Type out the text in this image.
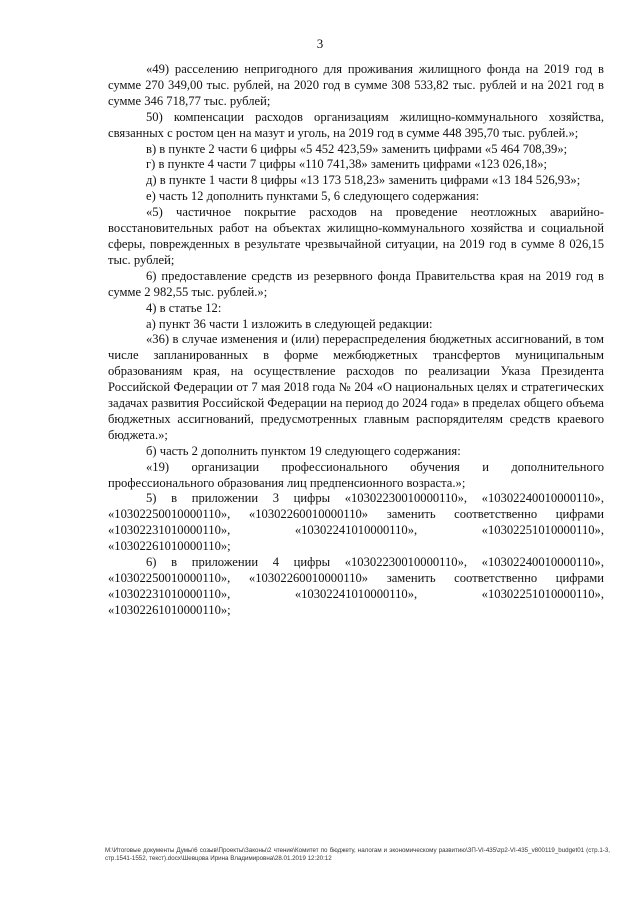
3

«49) расселению непригодного для проживания жилищного фонда на 2019 год в сумме 270 349,00 тыс. рублей, на 2020 год в сумме 308 533,82 тыс. рублей и на 2021 год в сумме 346 718,77 тыс. рублей;

50) компенсации расходов организациям жилищно-коммунального хозяйства, связанных с ростом цен на мазут и уголь, на 2019 год в сумме 448 395,70 тыс. рублей.»;

в) в пункте 2 части 6 цифры «5 452 423,59» заменить цифрами «5 464 708,39»;

г) в пункте 4 части 7 цифры «110 741,38» заменить цифрами «123 026,18»;

д) в пункте 1 части 8 цифры «13 173 518,23» заменить цифрами «13 184 526,93»;

е) часть 12 дополнить пунктами 5, 6 следующего содержания:

«5) частичное покрытие расходов на проведение неотложных аварийно-восстановительных работ на объектах жилищно-коммунального хозяйства и социальной сферы, поврежденных в результате чрезвычайной ситуации, на 2019 год в сумме 8 026,15 тыс. рублей;

6) предоставление средств из резервного фонда Правительства края на 2019 год в сумме 2 982,55 тыс. рублей.»;

4) в статье 12:

а) пункт 36 части 1 изложить в следующей редакции:

«36) в случае изменения и (или) перераспределения бюджетных ассигнований, в том числе запланированных в форме межбюджетных трансфертов муниципальным образованиям края, на осуществление расходов по реализации Указа Президента Российской Федерации от 7 мая 2018 года № 204 «О национальных целях и стратегических задачах развития Российской Федерации на период до 2024 года» в пределах общего объема бюджетных ассигнований, предусмотренных главным распорядителям средств краевого бюджета.»;

б) часть 2 дополнить пунктом 19 следующего содержания:

«19) организации профессионального обучения и дополнительного профессионального образования лиц предпенсионного возраста.»;

5) в приложении 3 цифры «10302230010000110», «10302240010000110», «10302250010000110», «10302260010000110» заменить соответственно цифрами «10302231010000110», «10302241010000110», «10302251010000110», «10302261010000110»;

6) в приложении 4 цифры «10302230010000110», «10302240010000110», «10302250010000110», «10302260010000110» заменить соответственно цифрами «10302231010000110», «10302241010000110», «10302251010000110», «10302261010000110»;

M:\Итоговые документы Думы\6 созыв\Проекты\Законы\2 чтение\Комитет по бюджету, налогам и экономическому развитию\ЗП-VI-435\zp2-VI-435_v800119_budget01 (стр.1-3, стр.1541-1552, текст).docx\Шевцова Ирина Владимировна\28.01.2019 12:20:12
